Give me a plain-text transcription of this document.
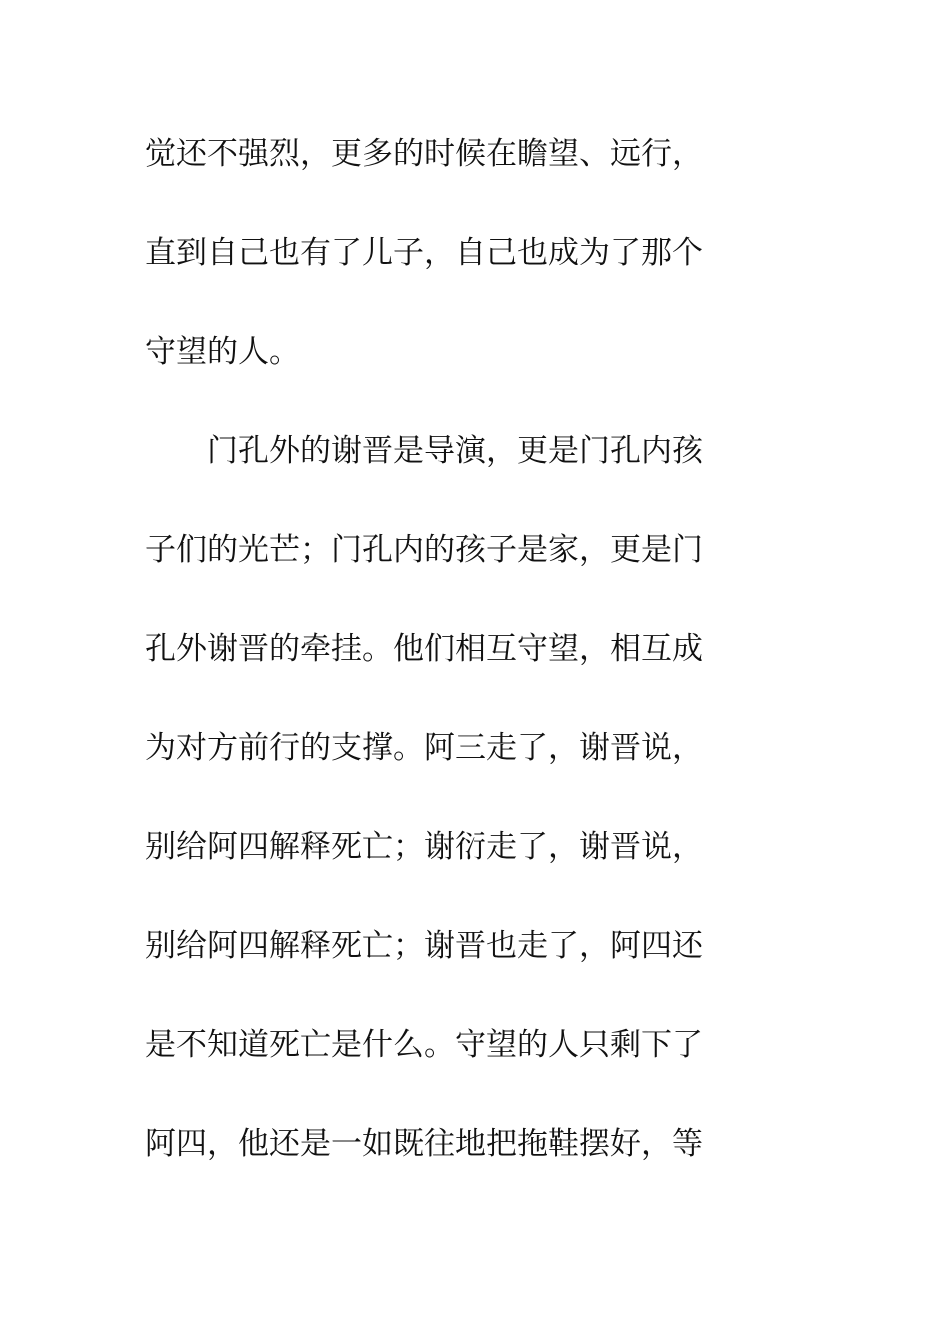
觉还不强烈，更多的时候在瞻望、远行，
直到自己也有了儿子，自己也成为了那个
守望的人。
　　门孔外的谢晋是导演，更是门孔内孩
子们的光芒；门孔内的孩子是家，更是门
孔外谢晋的牵挂。他们相互守望，相互成
为对方前行的支撑。阿三走了，谢晋说，
别给阿四解释死亡；谢衍走了，谢晋说，
别给阿四解释死亡；谢晋也走了，阿四还
是不知道死亡是什么。守望的人只剩下了
阿四，他还是一如既往地把拖鞋摆好，等
